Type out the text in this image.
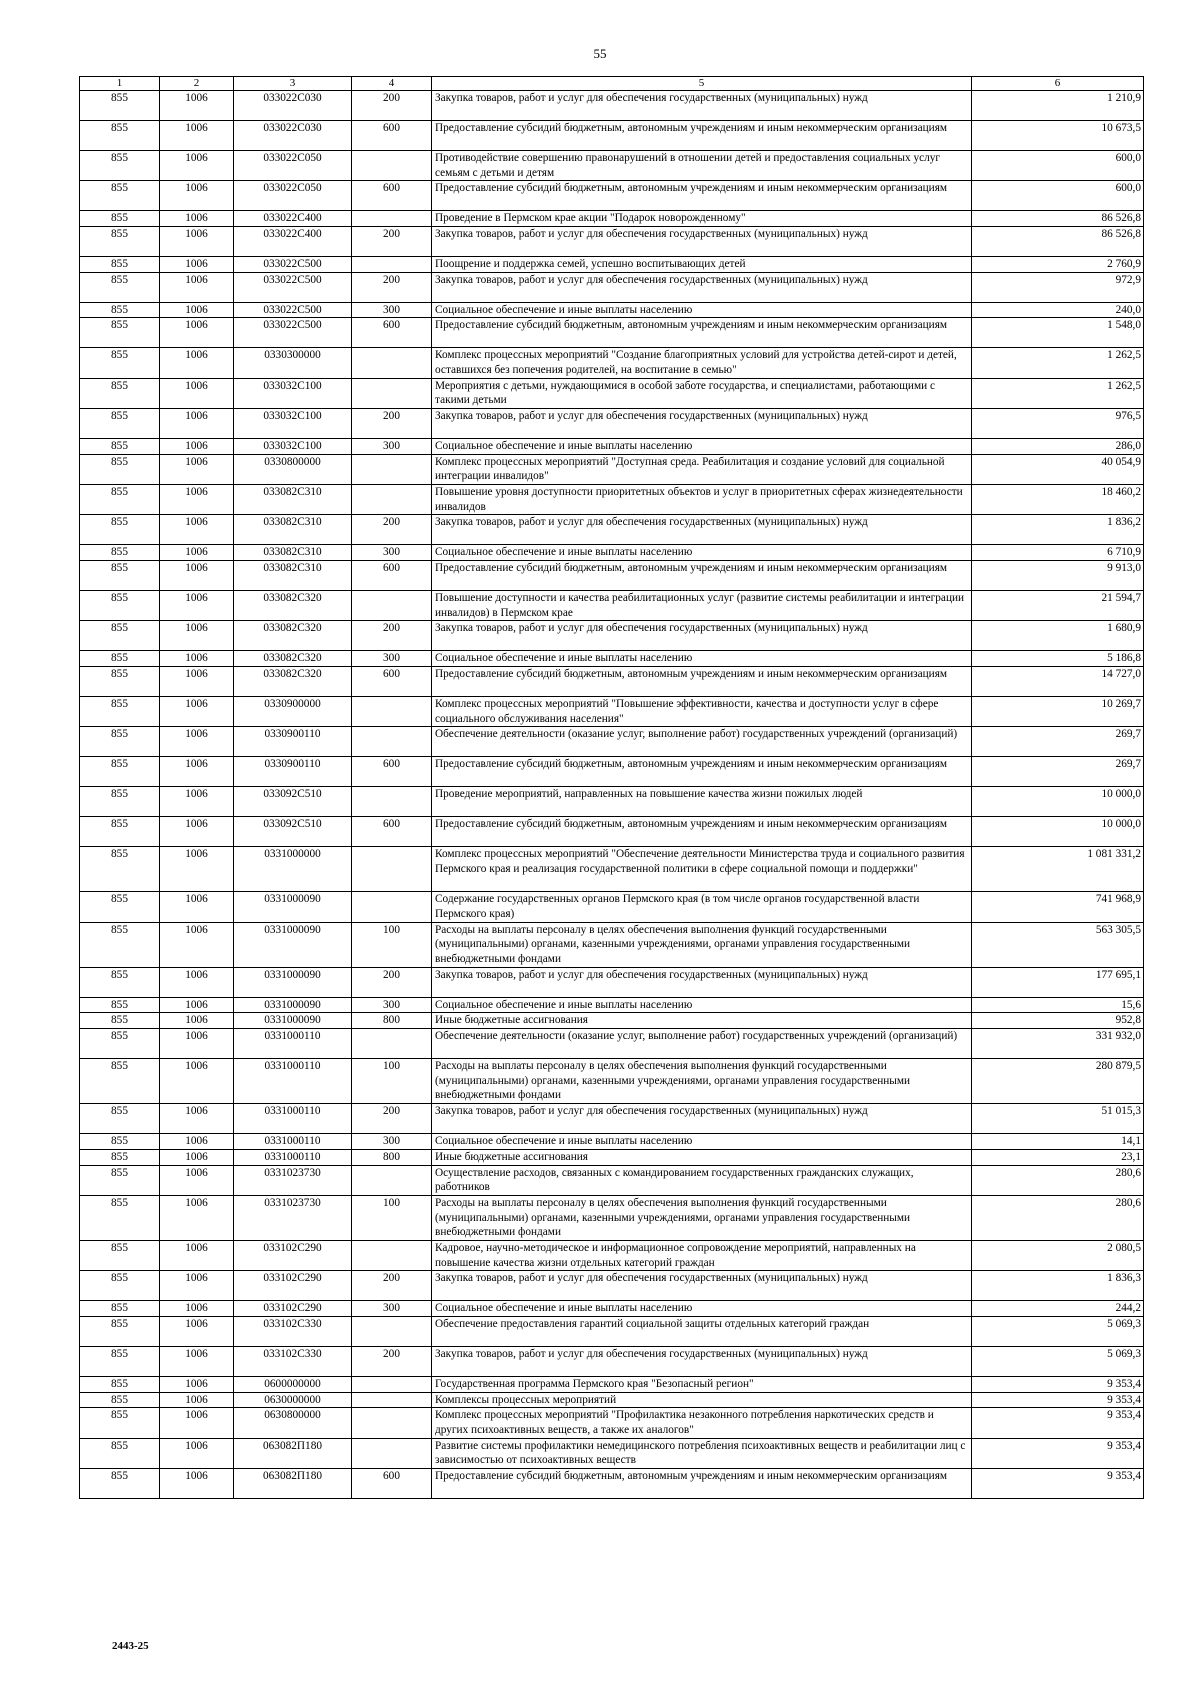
55
1	2	3	4	5	6
855	1006	033022С030	200	Закупка товаров, работ и услуг для обеспечения государственных (муниципальных) нужд	1 210,9
855	1006	033022С030	600	Предоставление субсидий бюджетным, автономным учреждениям и иным некоммерческим организациям	10 673,5
855	1006	033022С050		Противодействие совершению правонарушений в отношении детей и предоставления социальных услуг семьям с детьми и детям	600,0
855	1006	033022С050	600	Предоставление субсидий бюджетным, автономным учреждениям и иным некоммерческим организациям	600,0
855	1006	033022С400		Проведение в Пермском крае акции "Подарок новорожденному"	86 526,8
855	1006	033022С400	200	Закупка товаров, работ и услуг для обеспечения государственных (муниципальных) нужд	86 526,8
855	1006	033022С500		Поощрение и поддержка семей, успешно воспитывающих детей	2 760,9
855	1006	033022С500	200	Закупка товаров, работ и услуг для обеспечения государственных (муниципальных) нужд	972,9
855	1006	033022С500	300	Социальное обеспечение и иные выплаты населению	240,0
855	1006	033022С500	600	Предоставление субсидий бюджетным, автономным учреждениям и иным некоммерческим организациям	1 548,0
855	1006	0330300000		Комплекс процессных мероприятий "Создание благоприятных условий для устройства детей-сирот и детей, оставшихся без попечения родителей, на воспитание в семью"	1 262,5
855	1006	033032С100		Мероприятия с детьми, нуждающимися в особой заботе государства, и специалистами, работающими с такими детьми	1 262,5
855	1006	033032С100	200	Закупка товаров, работ и услуг для обеспечения государственных (муниципальных) нужд	976,5
855	1006	033032С100	300	Социальное обеспечение и иные выплаты населению	286,0
855	1006	0330800000		Комплекс процессных мероприятий "Доступная среда. Реабилитация и создание условий для социальной интеграции инвалидов"	40 054,9
855	1006	033082С310		Повышение уровня доступности приоритетных объектов и услуг в приоритетных сферах жизнедеятельности инвалидов	18 460,2
855	1006	033082С310	200	Закупка товаров, работ и услуг для обеспечения государственных (муниципальных) нужд	1 836,2
855	1006	033082С310	300	Социальное обеспечение и иные выплаты населению	6 710,9
855	1006	033082С310	600	Предоставление субсидий бюджетным, автономным учреждениям и иным некоммерческим организациям	9 913,0
855	1006	033082С320		Повышение доступности и качества реабилитационных услуг (развитие системы реабилитации и интеграции инвалидов) в Пермском крае	21 594,7
855	1006	033082С320	200	Закупка товаров, работ и услуг для обеспечения государственных (муниципальных) нужд	1 680,9
855	1006	033082С320	300	Социальное обеспечение и иные выплаты населению	5 186,8
855	1006	033082С320	600	Предоставление субсидий бюджетным, автономным учреждениям и иным некоммерческим организациям	14 727,0
855	1006	0330900000		Комплекс процессных мероприятий "Повышение эффективности, качества и доступности услуг в сфере социального обслуживания населения"	10 269,7
855	1006	0330900110		Обеспечение деятельности (оказание услуг, выполнение работ) государственных учреждений (организаций)	269,7
855	1006	0330900110	600	Предоставление субсидий бюджетным, автономным учреждениям и иным некоммерческим организациям	269,7
855	1006	033092С510		Проведение мероприятий, направленных на повышение качества жизни пожилых людей	10 000,0
855	1006	033092С510	600	Предоставление субсидий бюджетным, автономным учреждениям и иным некоммерческим организациям	10 000,0
855	1006	0331000000		Комплекс процессных мероприятий "Обеспечение деятельности Министерства труда и социального развития Пермского края и реализация государственной политики в сфере социальной помощи и поддержки"	1 081 331,2
855	1006	0331000090		Содержание государственных органов Пермского края (в том числе органов государственной власти Пермского края)	741 968,9
855	1006	0331000090	100	Расходы на выплаты персоналу в целях обеспечения выполнения функций государственными (муниципальными) органами, казенными учреждениями, органами управления государственными внебюджетными фондами	563 305,5
855	1006	0331000090	200	Закупка товаров, работ и услуг для обеспечения государственных (муниципальных) нужд	177 695,1
855	1006	0331000090	300	Социальное обеспечение и иные выплаты населению	15,6
855	1006	0331000090	800	Иные бюджетные ассигнования	952,8
855	1006	0331000110		Обеспечение деятельности (оказание услуг, выполнение работ) государственных учреждений (организаций)	331 932,0
855	1006	0331000110	100	Расходы на выплаты персоналу в целях обеспечения выполнения функций государственными (муниципальными) органами, казенными учреждениями, органами управления государственными внебюджетными фондами	280 879,5
855	1006	0331000110	200	Закупка товаров, работ и услуг для обеспечения государственных (муниципальных) нужд	51 015,3
855	1006	0331000110	300	Социальное обеспечение и иные выплаты населению	14,1
855	1006	0331000110	800	Иные бюджетные ассигнования	23,1
855	1006	0331023730		Осуществление расходов, связанных с командированием государственных гражданских служащих, работников	280,6
855	1006	0331023730	100	Расходы на выплаты персоналу в целях обеспечения выполнения функций государственными (муниципальными) органами, казенными учреждениями, органами управления государственными внебюджетными фондами	280,6
855	1006	033102С290		Кадровое, научно-методическое и информационное сопровождение мероприятий, направленных на повышение качества жизни отдельных категорий граждан	2 080,5
855	1006	033102С290	200	Закупка товаров, работ и услуг для обеспечения государственных (муниципальных) нужд	1 836,3
855	1006	033102С290	300	Социальное обеспечение и иные выплаты населению	244,2
855	1006	033102С330		Обеспечение предоставления гарантий социальной защиты отдельных категорий граждан	5 069,3
855	1006	033102С330	200	Закупка товаров, работ и услуг для обеспечения государственных (муниципальных) нужд	5 069,3
855	1006	0600000000		Государственная программа Пермского края "Безопасный регион"	9 353,4
855	1006	0630000000		Комплексы процессных мероприятий	9 353,4
855	1006	0630800000		Комплекс процессных мероприятий "Профилактика незаконного потребления наркотических средств и других психоактивных веществ, а также их аналогов"	9 353,4
855	1006	063082П180		Развитие системы профилактики немедицинского потребления психоактивных веществ и реабилитации лиц с зависимостью от психоактивных веществ	9 353,4
855	1006	063082П180	600	Предоставление субсидий бюджетным, автономным учреждениям и иным некоммерческим организациям	9 353,4
2443-25
